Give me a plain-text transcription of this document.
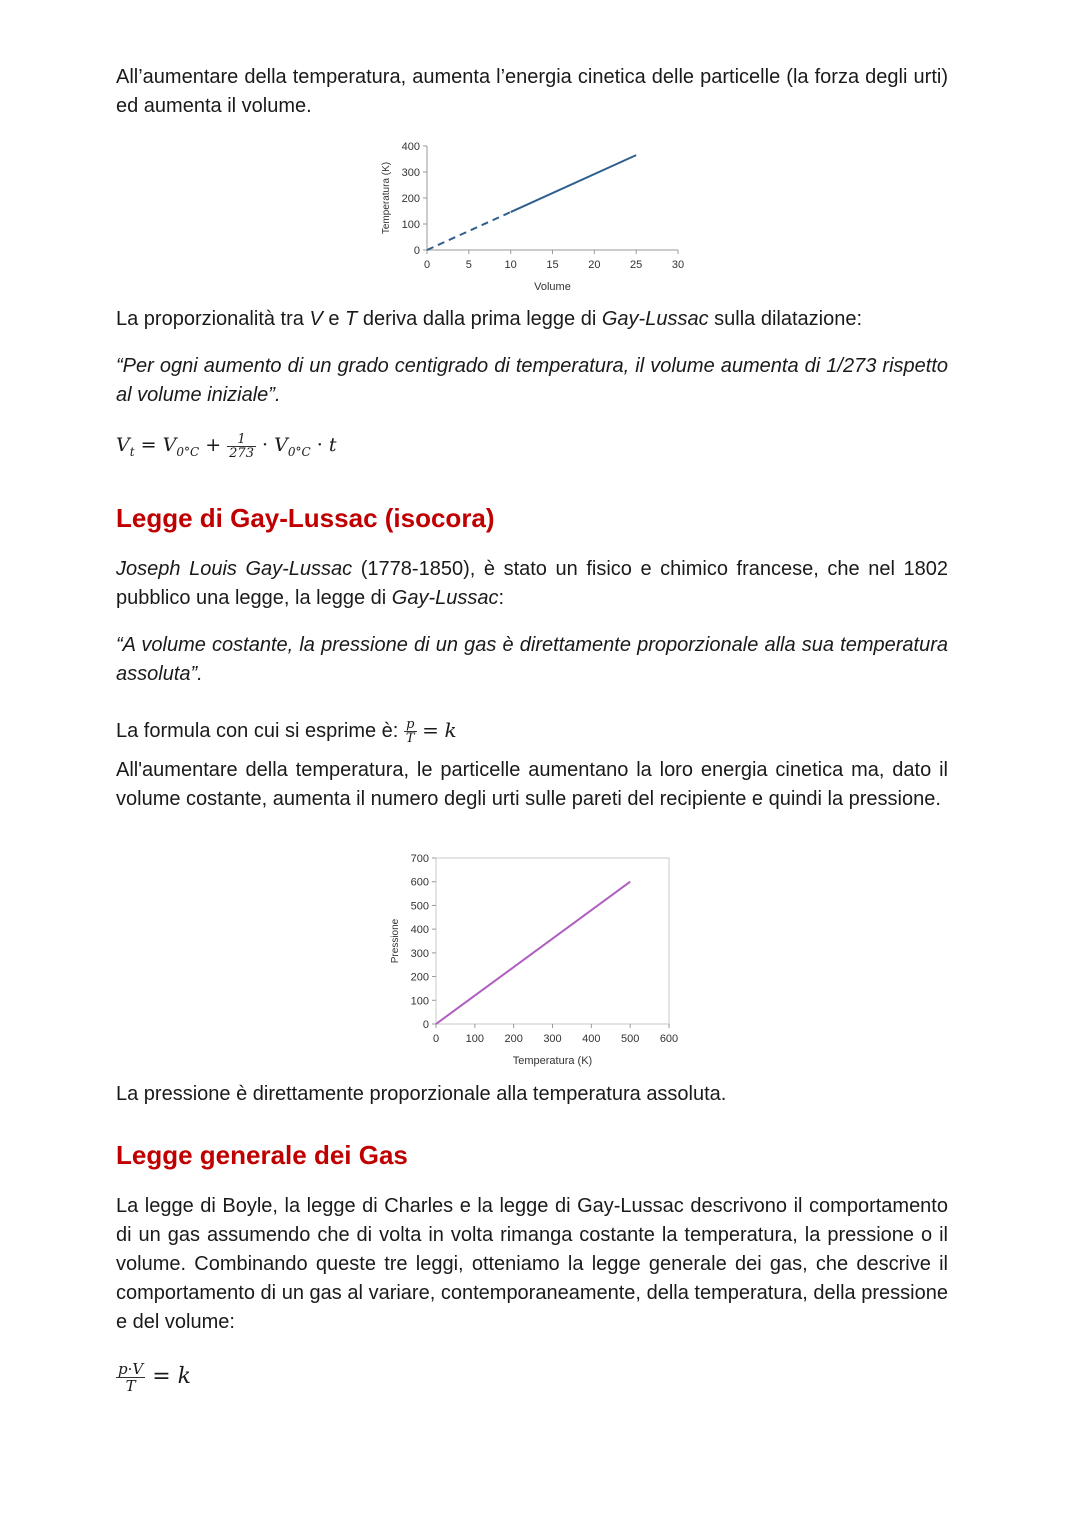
All’aumentare della temperatura, aumenta l’energia cinetica delle particelle (la forza degli urti) ed aumenta il volume.

0
100
200
300
400
0	5	10	15	20	25	30
Volume
Temperatura (K)

La proporzionalità tra V e T deriva dalla prima legge di Gay-Lussac sulla dilatazione:

“Per ogni aumento di un grado centigrado di temperatura, il volume aumenta di 1/273 rispetto al volume iniziale”.

$V_t = V_{0^\circ C} + \frac{1}{273} \cdot V_{0^\circ C} \cdot t$
Legge di Gay-Lussac (isocora)

Joseph Louis Gay-Lussac (1778-1850), è stato un fisico e chimico francese, che nel 1802 pubblico una legge, la legge di Gay-Lussac:

“A volume costante, la pressione di un gas è direttamente proporzionale alla sua temperatura assoluta”.

La formula con cui si esprime è: $\frac{p}{T} = k$

All'aumentare della temperatura, le particelle aumentano la loro energia cinetica ma, dato il volume costante, aumenta il numero degli urti sulle pareti del recipiente e quindi la pressione.

0
100
200
300
400
500
600
700
0 100 200 300 400 500 600
Temperatura (K)
Pressione

La pressione è direttamente proporzionale alla temperatura assoluta.

Legge generale dei Gas

La legge di Boyle, la legge di Charles e la legge di Gay-Lussac descrivono il comportamento di un gas assumendo che di volta in volta rimanga costante la temperatura, la pressione o il volume. Combinando queste tre leggi, otteniamo la legge generale dei gas, che descrive il comportamento di un gas al variare, contemporaneamente, della temperatura, della pressione e del volume:

$\frac{p\cdot V}{T} = k$
